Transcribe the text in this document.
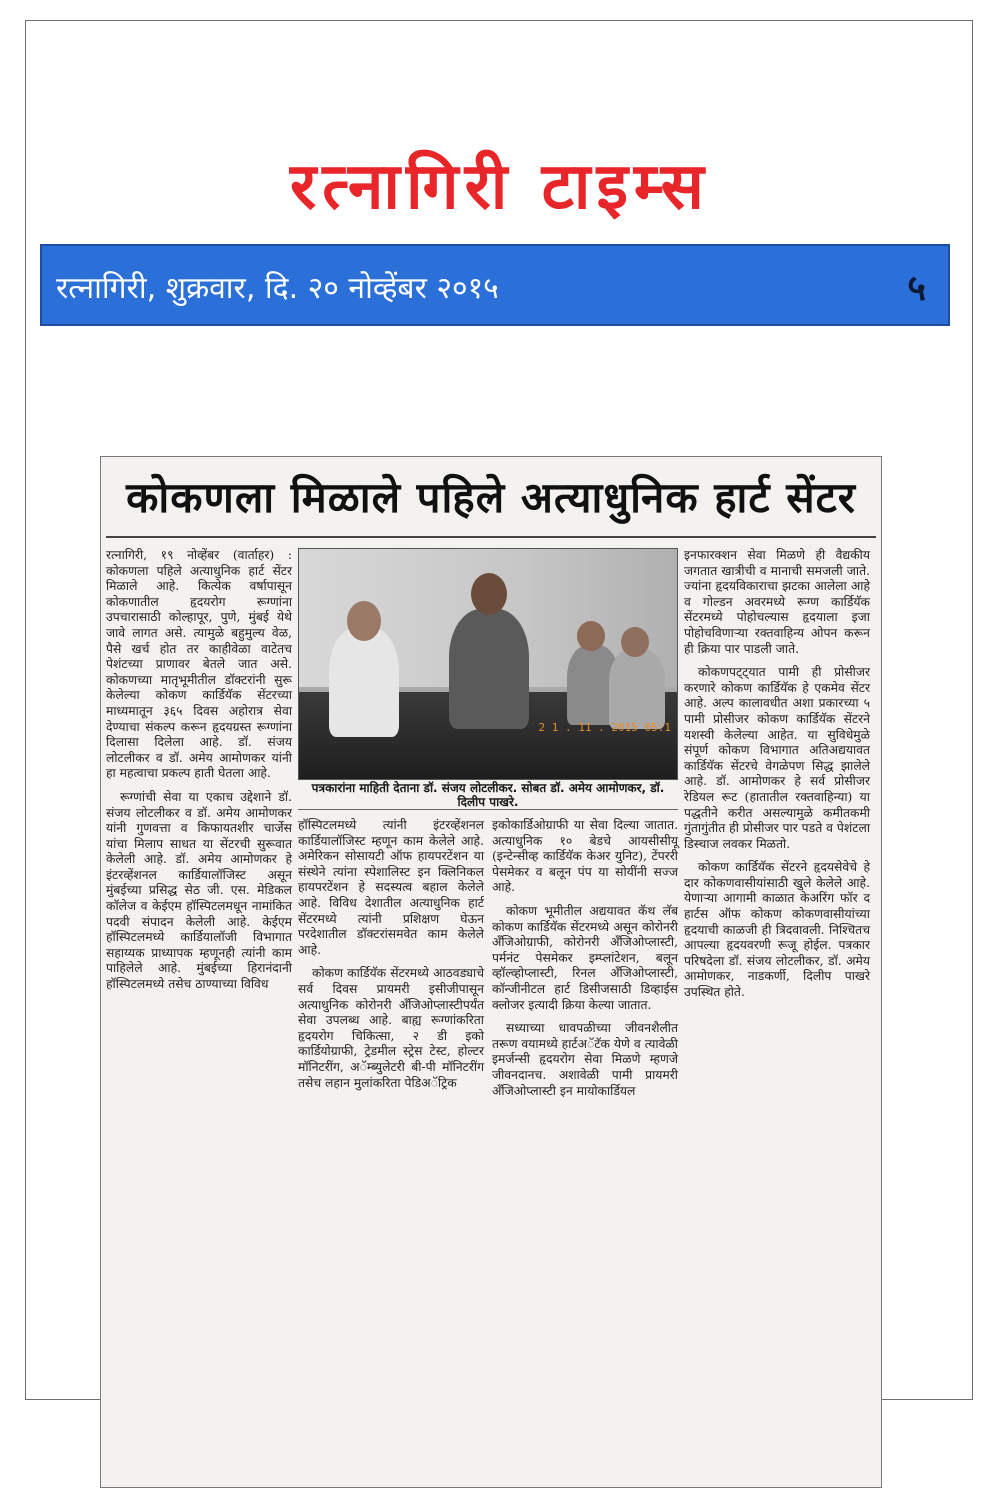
रत्नागिरी टाइम्स
रत्नागिरी, शुक्रवार, दि. २० नोव्हेंबर २०१५	५
कोकणला मिळाले पहिले अत्याधुनिक हार्ट सेंटर

रत्नागिरी, १९ नोव्हेंबर (वार्ताहर) : कोकणला पहिले अत्याधुनिक हार्ट सेंटर मिळाले आहे. कित्येक वर्षापासून कोकणातील हृदयरोग रूग्णांना उपचारासाठी कोल्हापूर, पुणे, मुंबई येथे जावे लागत असे. त्यामुळे बहुमुल्य वेळ, पैसे खर्च होत तर काहीवेळा वाटेतच पेशंटच्या प्राणावर बेतले जात असे. कोकणच्या मातृभूमीतील डॉक्टरांनी सुरू केलेल्या कोकण कार्डियॅक सेंटरच्या माध्यमातून ३६५ दिवस अहोरात्र सेवा देण्याचा संकल्प करून हृदयग्रस्त रूग्णांना दिलासा दिलेला आहे. डॉ. संजय लोटलीकर व डॉ. अमेय आमोणकर यांनी हा महत्वाचा प्रकल्प हाती घेतला आहे.

रूग्णांची सेवा या एकाच उद्देशाने डॉ. संजय लोटलीकर व डॉ. अमेय आमोणकर यांनी गुणवत्ता व किफायतशीर चार्जेस यांचा मिलाप साधत या सेंटरची सुरूवात केलेली आहे. डॉ. अमेय आमोणकर हे इंटरव्हेंशनल कार्डियालॉजिस्ट असून मुंबईच्या प्रसिद्ध सेठ जी. एस. मेडिकल कॉलेज व केईएम हॉस्पिटलमधून नामांकित पदवी संपादन केलेली आहे. केईएम हॉस्पिटलमध्ये कार्डियालॉजी विभागात सहाय्यक प्राध्यापक म्हणूनही त्यांनी काम पाहिलेले आहे. मुंबईच्या हिरानंदानी हॉस्पिटलमध्ये तसेच ठाण्याच्या विविध

2 1 . 11 . 2015 05:1
पत्रकारांना माहिती देताना डॉ. संजय लोटलीकर. सोबत डॉ. अमेय आमोणकर, डॉ. दिलीप पाखरे.

हॉस्पिटलमध्ये त्यांनी इंटरव्हेंशनल कार्डियालॉजिस्ट म्हणून काम केलेले आहे. अमेरिकन सोसायटी ऑफ हायपरटेंशन या संस्थेने त्यांना स्पेशालिस्ट इन क्लिनिकल हायपरटेंशन हे सदस्यत्व बहाल केलेले आहे. विविध देशातील अत्याधुनिक हार्ट सेंटरमध्ये त्यांनी प्रशिक्षण घेऊन परदेशातील डॉक्टरांसमवेत काम केलेले आहे.

कोकण कार्डियॅक सेंटरमध्ये आठवड्याचे सर्व दिवस प्रायमरी इसीजीपासून अत्याधुनिक कोरोनरी अँजिओप्लास्टीपर्यंत सेवा उपलब्ध आहे. बाह्य रूग्णांकरिता हृदयरोग चिकित्सा, २ डी इको कार्डियोग्राफी, ट्रेडमील स्ट्रेस टेस्ट, होल्टर मॉनिटरींग, अॅम्ब्युलेटरी बी-पी मॉनिटरींग तसेच लहान मुलांकरिता पेडिअॅट्रिक

इकोकार्डिओग्राफी या सेवा दिल्या जातात. अत्याधुनिक १० बेडचे आयसीसीयू (इन्टेन्सीव्ह कार्डियॅक केअर युनिट), टेंपररी पेसमेकर व बलून पंप या सोयींनी सज्ज आहे.

कोकण भूमीतील अद्ययावत कॅथ लॅब कोकण कार्डियॅक सेंटरमध्ये असून कोरोनरी अँजिओग्राफी, कोरोनरी अँजिओप्लास्टी, पर्मनंट पेसमेकर इम्प्लांटेशन, बलून व्हॉल्व्होप्लास्टी, रिनल अँजिओप्लास्टी, कॉन्जीनीटल हार्ट डिसीजसाठी डिव्हाईस क्लोजर इत्यादी क्रिया केल्या जातात.

सध्याच्या धावपळीच्या जीवनशैलीत तरूण वयामध्ये हार्टअॅटॅक येणे व त्यावेळी इमर्जन्सी हृदयरोग सेवा मिळणे म्हणजे जीवनदानच. अशावेळी पामी प्रायमरी अँजिओप्लास्टी इन मायोकार्डियल

इनफारक्शन सेवा मिळणे ही वैद्यकीय जगतात खात्रीची व मानाची समजली जाते. ज्यांना हृदयविकाराचा झटका आलेला आहे व गोल्डन अवरमध्ये रूग्ण कार्डियॅक सेंटरमध्ये पोहोचल्यास हृदयाला इजा पोहोचविणाऱ्या रक्तवाहिन्य ओपन करून ही क्रिया पार पाडली जाते.

कोकणपट्ट्यात पामी ही प्रोसीजर करणारे कोकण कार्डियॅक हे एकमेव सेंटर आहे. अल्प कालावधीत अशा प्रकारच्या ५ पामी प्रोसीजर कोकण कार्डियॅक सेंटरने यशस्वी केलेल्या आहेत. या सुविधेमुळे संपूर्ण कोकण विभागात अतिअद्ययावत कार्डियॅक सेंटरचे वेगळेपण सिद्ध झालेले आहे. डॉ. आमोणकर हे सर्व प्रोसीजर रेडियल रूट (हातातील रक्तवाहिन्या) या पद्धतीने करीत असल्यामुळे कमीतकमी गुंतागुंतीत ही प्रोसीजर पार पडते व पेशंटला डिस्चाज लवकर मिळतो.

कोकण कार्डियॅक सेंटरने हृदयसेवेचे हे दार कोकणवासीयांसाठी खुले केलेले आहे. येणाऱ्या आगामी काळात केअरिंग फॉर द हार्टस ऑफ कोकण कोकणवासीयांच्या हृदयाची काळजी ही त्रिदवावली. निश्चितच आपल्या हृदयवरणी रूजू होईल. पत्रकार परिषदेला डॉ. संजय लोटलीकर, डॉ. अमेय आमोणकर, नाडकर्णी, दिलीप पाखरे उपस्थित होते.
